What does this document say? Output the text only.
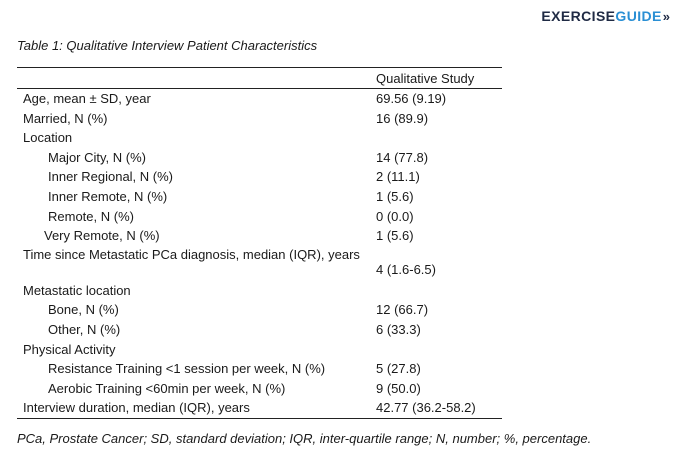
EXERCISE GUIDE »
Table 1: Qualitative Interview Patient Characteristics
Qualitative Study
Age, mean ± SD, year	69.56 (9.19)
Married, N (%)	16 (89.9)
Location
Major City, N (%)	14 (77.8)
Inner Regional, N (%)	2 (11.1)
Inner Remote, N (%)	1 (5.6)
Remote, N (%)	0 (0.0)
Very Remote, N (%)	1 (5.6)
Time since Metastatic PCa diagnosis, median (IQR), years
4 (1.6-6.5)
Metastatic location
Bone, N (%)	12 (66.7)
Other, N (%)	6 (33.3)
Physical Activity
Resistance Training <1 session per week, N (%)	5 (27.8)
Aerobic Training <60min per week, N (%)	9 (50.0)
Interview duration, median (IQR), years	42.77 (36.2-58.2)
PCa, Prostate Cancer; SD, standard deviation; IQR, inter-quartile range; N, number; %, percentage.
